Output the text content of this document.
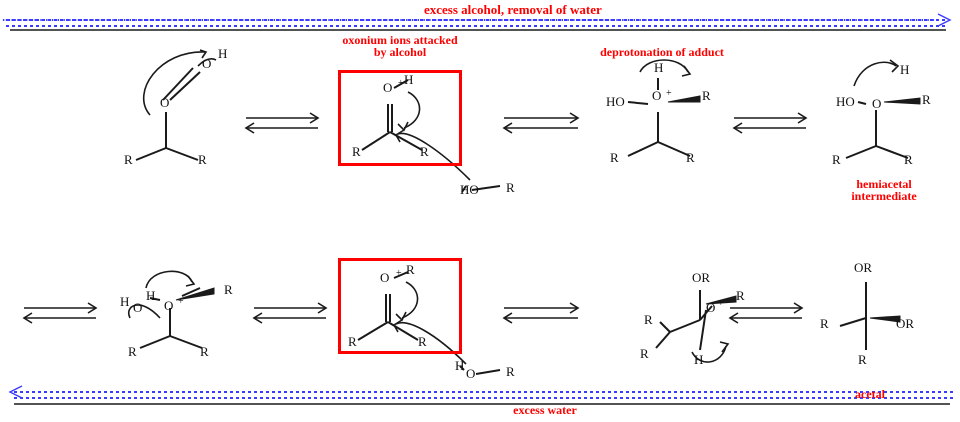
excess alcohol, removal of water
oxonium ions attacked by alcohol	deprotonation of adduct
hemiacetal intermediate
acetal
excess water
H
O
O
R	R
O
H
+
R	R
HO R
H
O +
HO	R
R	R
O
H
HO	R
R	R
H O
H
O +
R
R	R
O + R
R	R
H
O R
OR
O +
R
R
R	H
OR
R	OR
R
